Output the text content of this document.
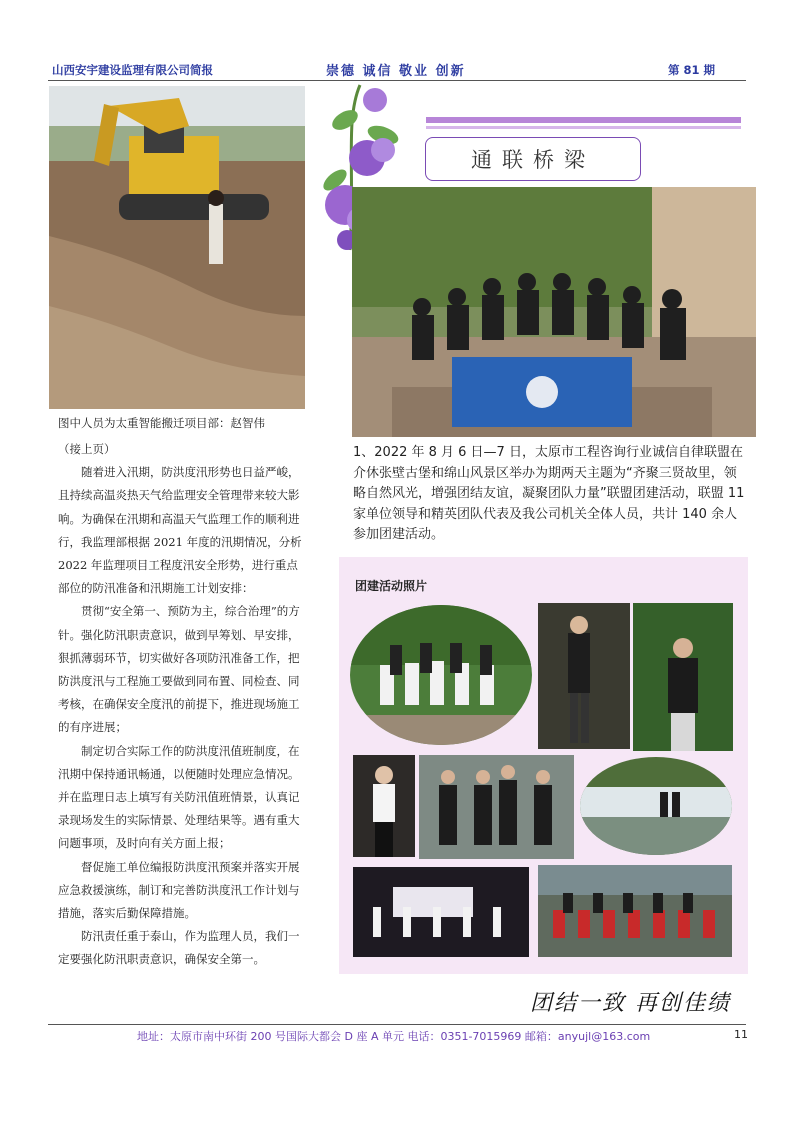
山西安宇建设监理有限公司简报	崇德 诚信 敬业 创新	第 81 期
图中人员为太重智能搬迁项目部：赵智伟

（接上页）

随着进入汛期，防洪度汛形势也日益严峻，且持续高温炎热天气给监理安全管理带来较大影响。为确保在汛期和高温天气监理工作的顺利进行，我监理部根据 2021 年度的汛期情况，分析 2022 年监理项目工程度汛安全形势，进行重点部位的防汛准备和汛期施工计划安排：

贯彻“安全第一、预防为主，综合治理”的方针。强化防汛职责意识，做到早筹划、早安排，狠抓薄弱环节，切实做好各项防汛准备工作，把防洪度汛与工程施工要做到同布置、同检查、同考核，在确保安全度汛的前提下，推进现场施工的有序进展；

制定切合实际工作的防洪度汛值班制度，在汛期中保持通讯畅通，以便随时处理应急情况。并在监理日志上填写有关防汛值班情景，认真记录现场发生的实际情景、处理结果等。遇有重大问题事项，及时向有关方面上报；

督促施工单位编报防洪度汛预案并落实开展应急救援演练，制订和完善防洪度汛工作计划与措施，落实后勤保障措施。

防汛责任重于泰山，作为监理人员，我们一定要强化防汛职责意识，确保安全第一。

通联桥梁
1、2022 年 8 月 6 日—7 日，太原市工程咨询行业诚信自律联盟在介休张壁古堡和绵山风景区举办为期两天主题为“齐聚三贤故里，领略自然风光，增强团结友谊，凝聚团队力量”联盟团建活动，联盟 11 家单位领导和精英团队代表及我公司机关全体人员，共计 140 余人参加团建活动。
团建活动照片
团结一致 再创佳绩
地址：太原市南中环街 200 号国际大都会 D 座 A 单元 电话：0351-7015969 邮箱：anyujl@163.com	11
